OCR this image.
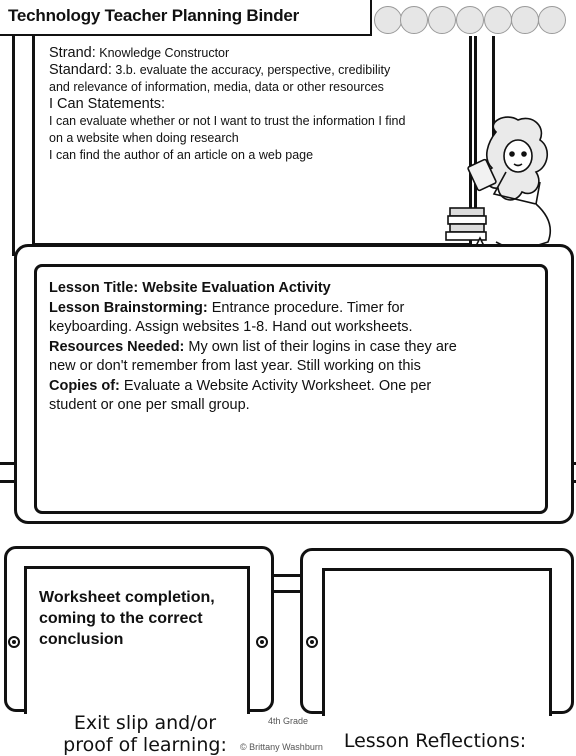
Technology Teacher Planning Binder
Strand: Knowledge Constructor
Standard: 3.b. evaluate the accuracy, perspective, credibility
and relevance of information, media, data or other resources
I Can Statements:
I can evaluate whether or not I want to trust the information I find
on a website when doing research
I can find the author of an article on a web page
Lesson Title: Website Evaluation Activity
Lesson Brainstorming: Entrance procedure. Timer for
keyboarding. Assign websites 1-8. Hand out worksheets.
Resources Needed: My own list of their logins in case they are
new or don't remember from last year. Still working on this
Copies of: Evaluate a Website Activity Worksheet. One per
student or one per small group.
Worksheet completion,
coming to the correct
conclusion
Exit slip and/or
proof of learning:	Lesson Reflections:
4th Grade
© Brittany Washburn
